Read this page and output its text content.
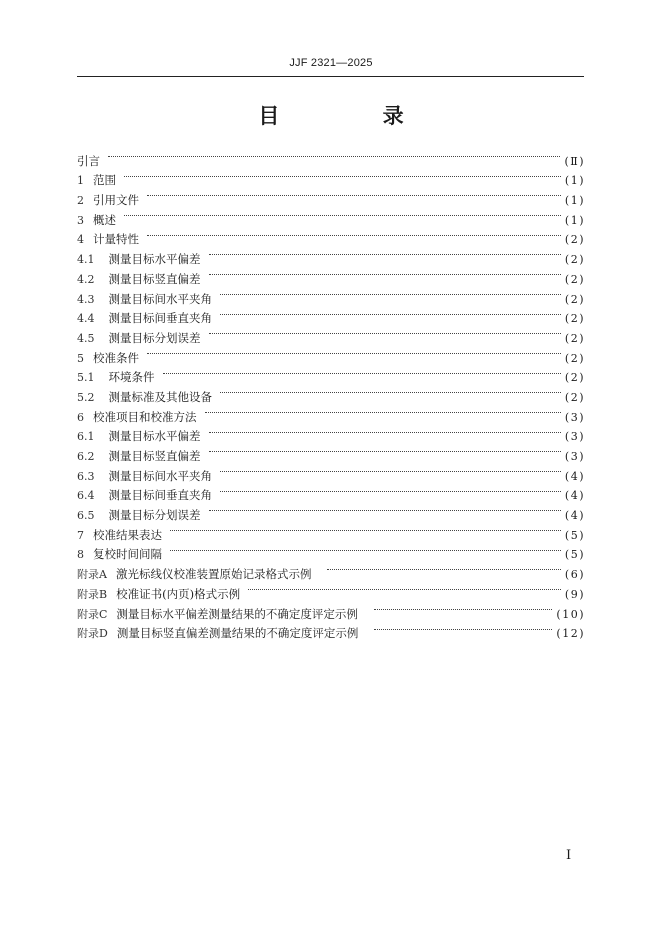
JJF 2321—2025
目 录
引言	(Ⅱ)
1 范围	(1)
2 引用文件	(1)
3 概述	(1)
4 计量特性	(2)
4.1 测量目标水平偏差	(2)
4.2 测量目标竖直偏差	(2)
4.3 测量目标间水平夹角	(2)
4.4 测量目标间垂直夹角	(2)
4.5 测量目标分划误差	(2)
5 校准条件	(2)
5.1 环境条件	(2)
5.2 测量标准及其他设备	(2)
6 校准项目和校准方法	(3)
6.1 测量目标水平偏差	(3)
6.2 测量目标竖直偏差	(3)
6.3 测量目标间水平夹角	(4)
6.4 测量目标间垂直夹角	(4)
6.5 测量目标分划误差	(4)
7 校准结果表达	(5)
8 复校时间间隔	(5)
附录A 激光标线仪校准装置原始记录格式示例	(6)
附录B 校准证书(内页)格式示例	(9)
附录C 测量目标水平偏差测量结果的不确定度评定示例	(10)
附录D 测量目标竖直偏差测量结果的不确定度评定示例	(12)
I
